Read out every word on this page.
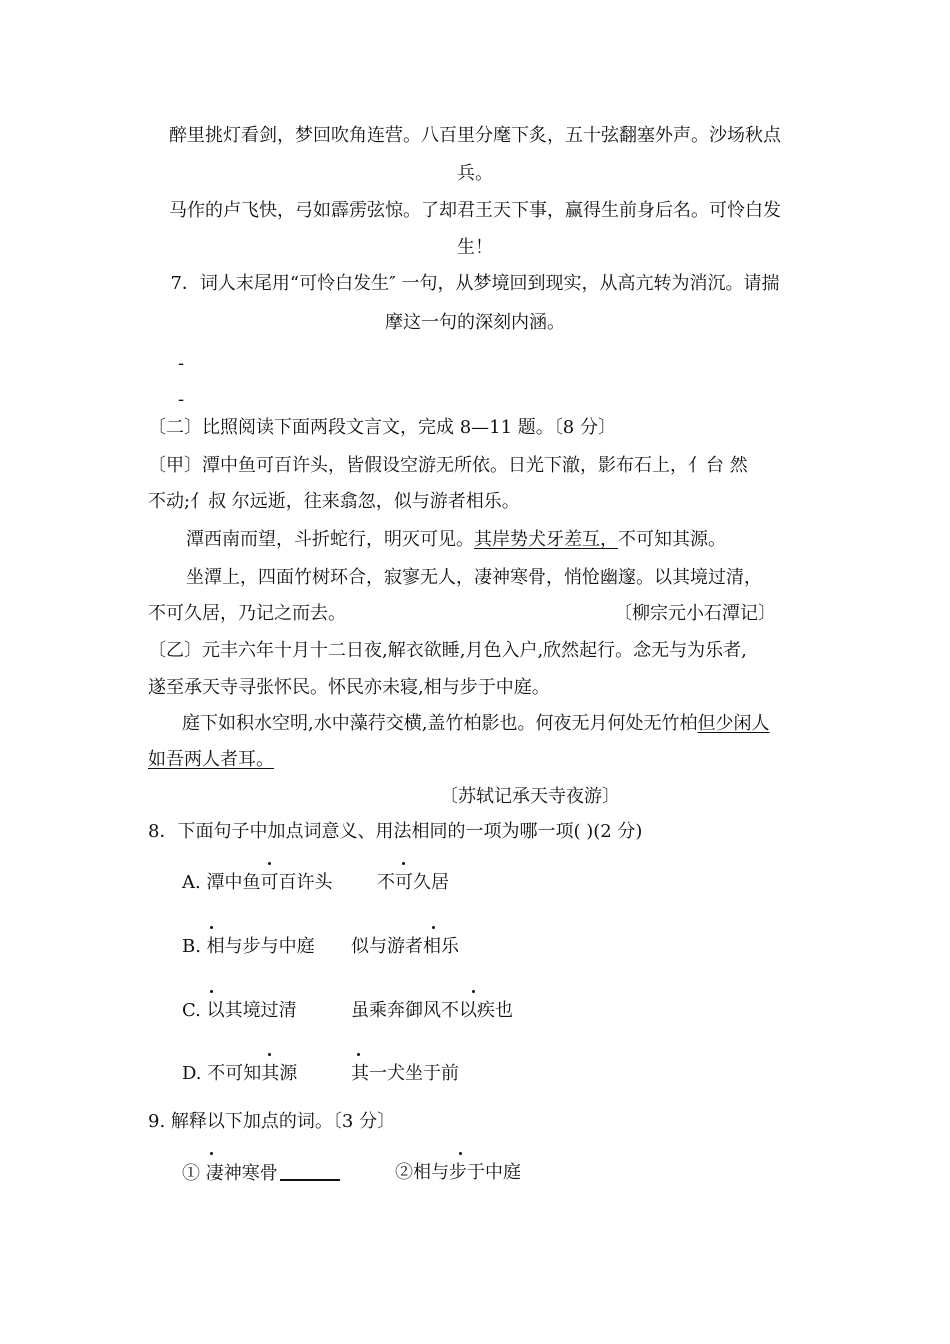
醉里挑灯看剑，梦回吹角连营。八百里分麾下炙，五十弦翻塞外声。沙场秋点
兵。
马作的卢飞快，弓如霹雳弦惊。了却君王天下事，赢得生前身后名。可怜白发
生！
7．词人末尾用“可怜白发生″ 一句，从梦境回到现实，从高亢转为消沉。请揣
摩这一句的深刻内涵。
-
-
〔二〕比照阅读下面两段文言文，完成 8—11 题。〔8 分〕
〔甲〕潭中鱼可百许头，皆假设空游无所依。日光下澈，影布石上，亻台 然
不动;亻叔 尔远逝，往来翕忽，似与游者相乐。
潭西南而望，斗折蛇行，明灭可见。其岸势犬牙差互，不可知其源。
坐潭上，四面竹树环合，寂寥无人，凄神寒骨，悄怆幽邃。以其境过清，
不可久居，乃记之而去。	〔柳宗元小石潭记〕
〔乙〕元丰六年十月十二日夜,解衣欲睡,月色入户,欣然起行。念无与为乐者,
遂至承天寺寻张怀民。怀民亦未寝,相与步于中庭。
庭下如积水空明,水中藻荇交横,盖竹柏影也。何夜无月何处无竹柏但少闲人
如吾两人者耳。
〔苏轼记承天寺夜游〕
8．下面句子中加点词意义、用法相同的一项为哪一项( )(2 分)
A. 潭中鱼可百许头 不可久居
B. 相与步与中庭 似与游者相乐
C. 以其境过清	虽乘奔御风不以疾也
D. 不可知其源	其一犬坐于前
9. 解释以下加点的词。〔3 分〕
① 凄神寒骨	②相与步于中庭
